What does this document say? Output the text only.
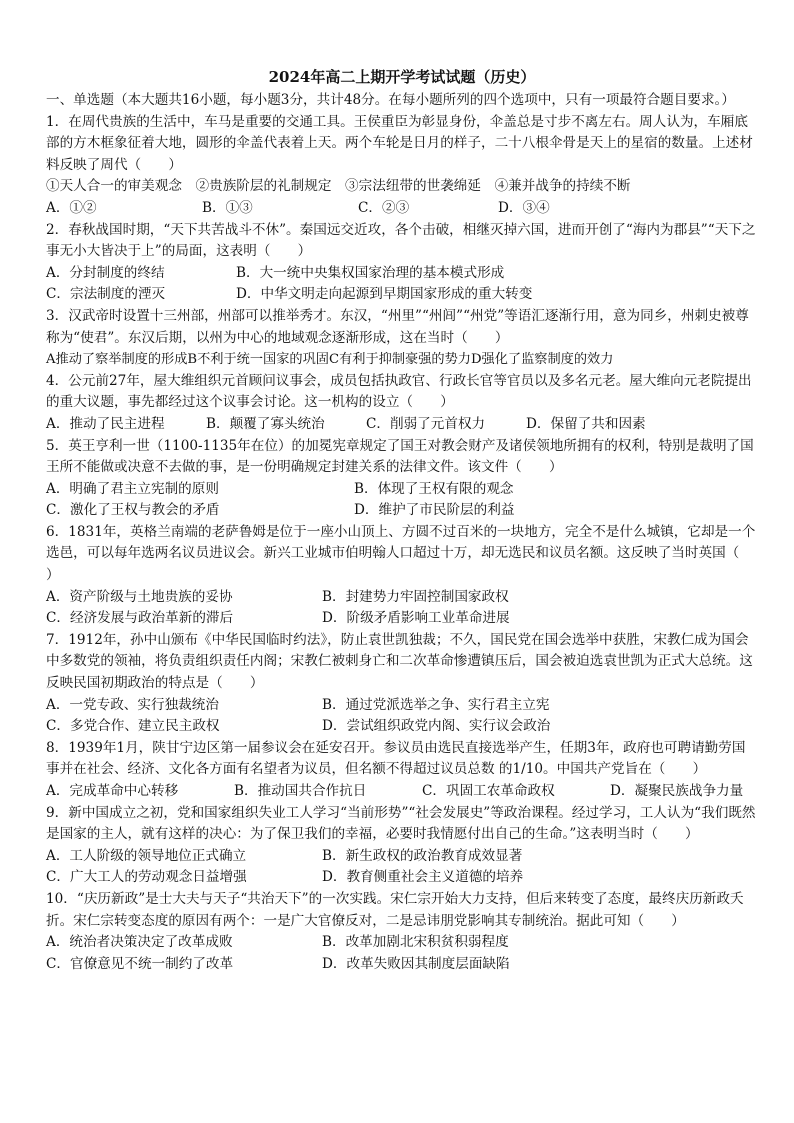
2024年高二上期开学考试试题（历史）

一、单选题（本大题共16小题，每小题3分，共计48分。在每小题所列的四个选项中，只有一项最符合题目要求。）

1．在周代贵族的生活中，车马是重要的交通工具。王侯重臣为彰显身份，伞盖总是寸步不离左右。周人认为，车厢底部的方木框象征着大地，圆形的伞盖代表着上天。两个车轮是日月的样子，二十八根伞骨是天上的星宿的数量。上述材料反映了周代（　　）

①天人合一的审美观念　②贵族阶层的礼制规定　③宗法纽带的世袭绵延　④兼并战争的持续不断

A．①②	B．①③	C．②③	D．③④

2．春秋战国时期，“天下共苦战斗不休”。秦国远交近攻，各个击破，相继灭掉六国，进而开创了“海内为郡县”“天下之事无小大皆决于上”的局面，这表明（　　）

A．分封制度的终结	B．大一统中央集权国家治理的基本模式形成
C．宗法制度的湮灭	D．中华文明走向起源到早期国家形成的重大转变

3．汉武帝时设置十三州部，州部可以推举秀才。东汉，“州里”“州闾”“州党”等语汇逐渐行用，意为同乡，州刺史被尊称为“使君”。东汉后期，以州为中心的地域观念逐渐形成，这在当时（　　）

A推动了察举制度的形成 B不利于统一国家的巩固 C有利于抑制豪强的势力 D强化了监察制度的效力

4．公元前27年，屋大维组织元首顾问议事会，成员包括执政官、行政长官等官员以及多名元老。屋大维向元老院提出的重大议题，事先都经过这个议事会讨论。这一机构的设立（　　）

A．推动了民主进程	B．颠覆了寡头统治	C．削弱了元首权力	D．保留了共和因素

5．英王亨利一世（1100-1135年在位）的加冕宪章规定了国王对教会财产及诸侯领地所拥有的权利，特别是裁明了国王所不能做或决意不去做的事，是一份明确规定封建关系的法律文件。该文件（　　）

A．明确了君主立宪制的原则	B．体现了王权有限的观念
C．激化了王权与教会的矛盾	D．维护了市民阶层的利益

6．1831年，英格兰南端的老萨鲁姆是位于一座小山顶上、方圆不过百米的一块地方，完全不是什么城镇，它却是一个选邑，可以每年选两名议员进议会。新兴工业城市伯明翰人口超过十万，却无选民和议员名额。这反映了当时英国（　　）

A．资产阶级与土地贵族的妥协	B．封建势力牢固控制国家政权
C．经济发展与政治革新的滞后	D．阶级矛盾影响工业革命进展

7．1912年，孙中山颁布《中华民国临时约法》，防止袁世凯独裁；不久，国民党在国会选举中获胜，宋教仁成为国会中多数党的领袖，将负责组织责任内阁；宋教仁被刺身亡和二次革命惨遭镇压后，国会被迫选袁世凯为正式大总统。这反映民国初期政治的特点是（　　）

A．一党专政、实行独裁统治	B．通过党派选举之争、实行君主立宪
C．多党合作、建立民主政权	D．尝试组织政党内阁、实行议会政治

8．1939年1月，陕甘宁边区第一届参议会在延安召开。参议员由选民直接选举产生，任期3年，政府也可聘请勤劳国事并在社会、经济、文化各方面有名望者为议员，但名额不得超过议员总数 的1/10。中国共产党旨在（　　）

A．完成革命中心转移	B．推动国共合作抗日	C．巩固工农革命政权	D．凝聚民族战争力量

9．新中国成立之初，党和国家组织失业工人学习“当前形势”“社会发展史”等政治课程。经过学习，工人认为“我们既然是国家的主人，就有这样的决心：为了保卫我们的幸福，必要时我情愿付出自己的生命。”这表明当时（　　）

A．工人阶级的领导地位正式确立	B．新生政权的政治教育成效显著
C．广大工人的劳动观念日益增强	D．教育侧重社会主义道德的培养

10．“庆历新政”是士大夫与天子“共治天下”的一次实践。宋仁宗开始大力支持，但后来转变了态度，最终庆历新政夭折。宋仁宗转变态度的原因有两个：一是广大官僚反对，二是忌讳朋党影响其专制统治。据此可知（　　）

A．统治者决策决定了改革成败	B．改革加剧北宋积贫积弱程度
C．官僚意见不统一制约了改革	D．改革失败因其制度层面缺陷
